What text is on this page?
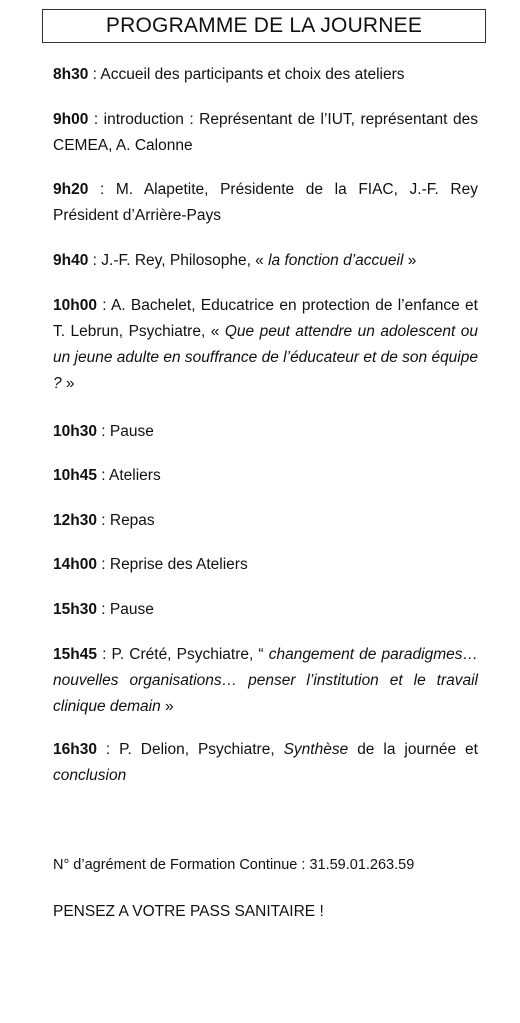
PROGRAMME DE LA JOURNEE

8h30 : Accueil des participants et choix des ateliers

9h00 : introduction : Représentant de l’IUT, représentant des CEMEA, A. Calonne

9h20 : M. Alapetite, Présidente de la FIAC, J.-F. Rey Président d’Arrière-Pays

9h40 : J.-F. Rey, Philosophe, « la fonction d’accueil »

10h00 : A. Bachelet, Educatrice en protection de l’enfance et T. Lebrun, Psychiatre, « Que peut attendre un adolescent ou un jeune adulte en souffrance de l’éducateur et de son équipe ? »

10h30 : Pause

10h45 : Ateliers

12h30 : Repas

14h00 : Reprise des Ateliers

15h30 : Pause

15h45 : P. Crété, Psychiatre, “ changement de paradigmes… nouvelles organisations… penser l’institution et le travail clinique demain »

16h30 : P. Delion, Psychiatre, Synthèse de la journée et conclusion

N° d’agrément de Formation Continue : 31.59.01.263.59
PENSEZ A VOTRE PASS SANITAIRE !
